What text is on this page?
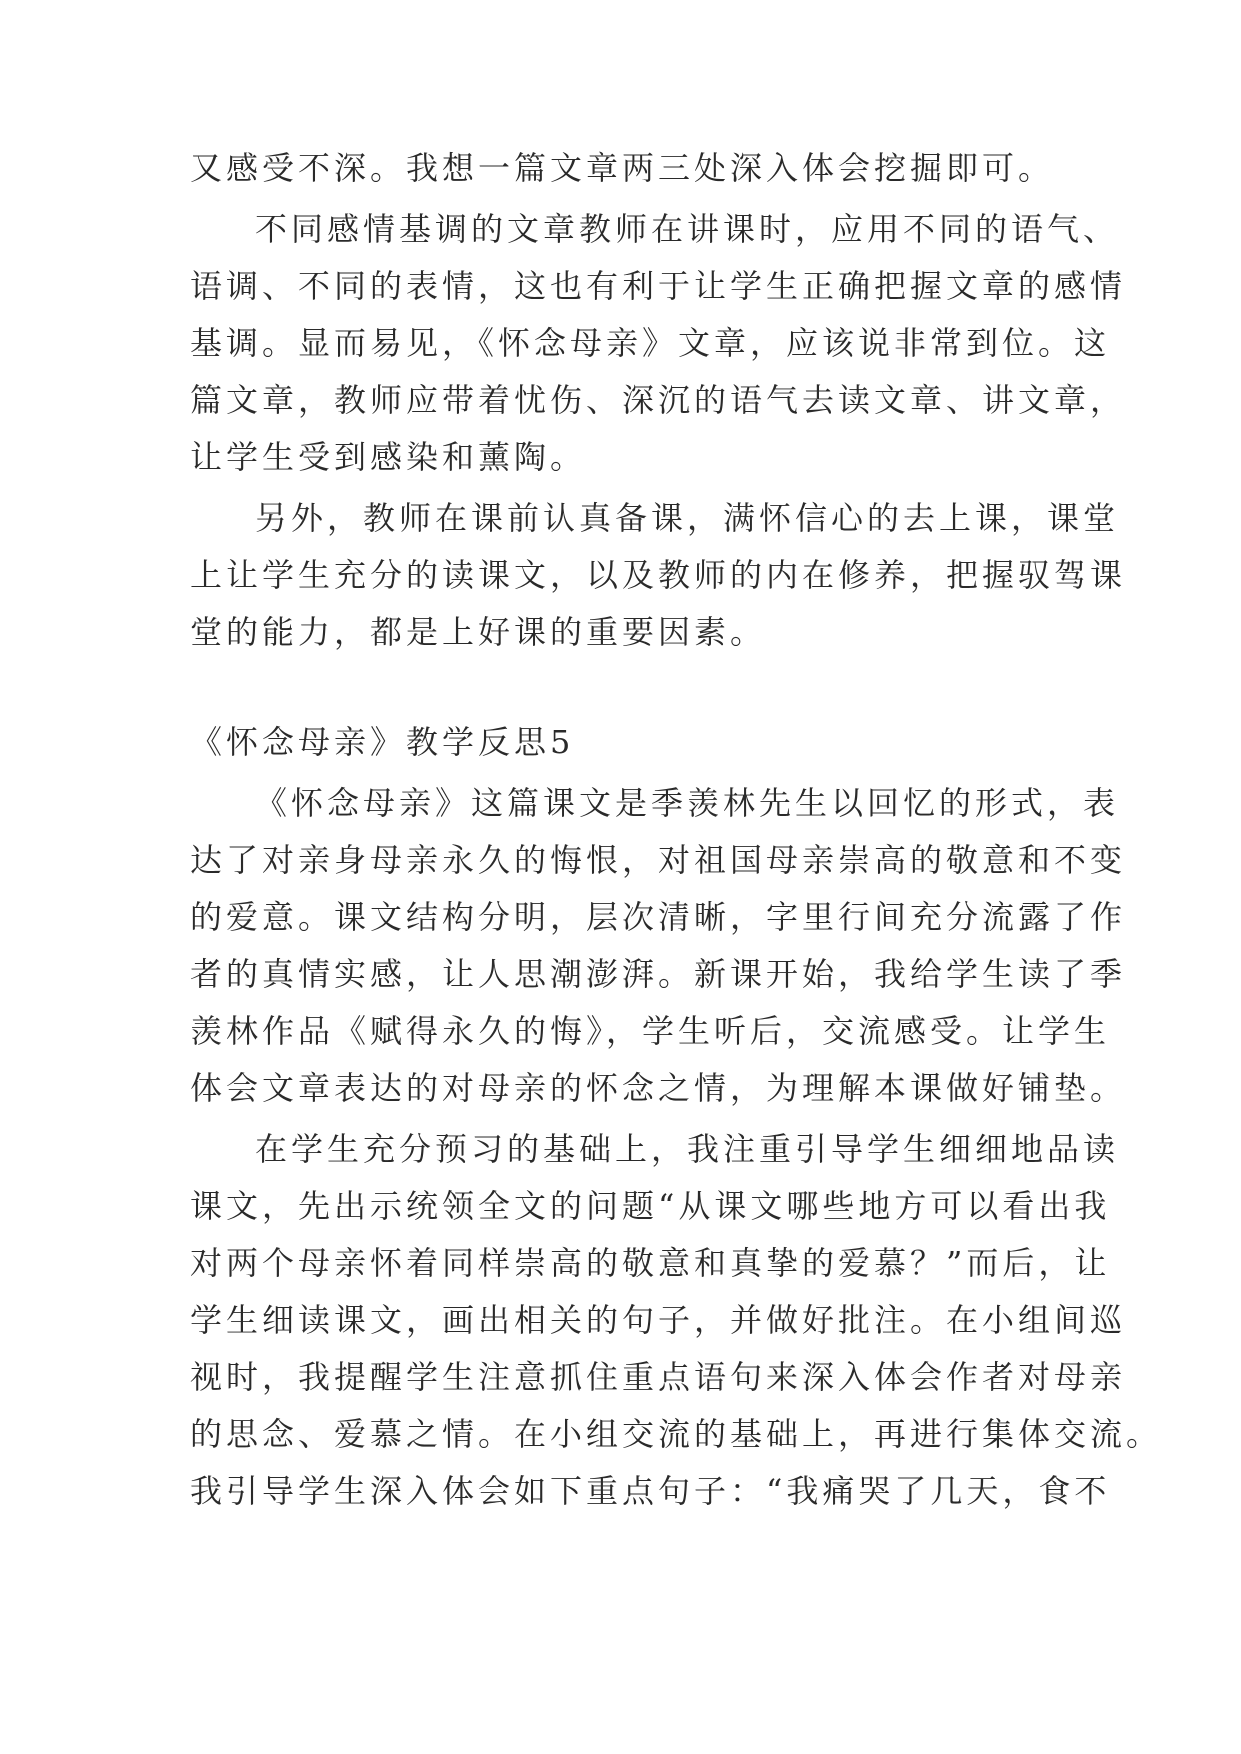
又感受不深。我想一篇文章两三处深入体会挖掘即可。
不同感情基调的文章教师在讲课时，应用不同的语气、
语调、不同的表情，这也有利于让学生正确把握文章的感情
基调。显而易见，《怀念母亲》文章，应该说非常到位。这
篇文章，教师应带着忧伤、深沉的语气去读文章、讲文章，
让学生受到感染和薰陶。
另外，教师在课前认真备课，满怀信心的去上课，课堂
上让学生充分的读课文，以及教师的内在修养，把握驭驾课
堂的能力，都是上好课的重要因素。
《怀念母亲》教学反思5
《怀念母亲》这篇课文是季羡林先生以回忆的形式，表
达了对亲身母亲永久的悔恨，对祖国母亲崇高的敬意和不变
的爱意。课文结构分明，层次清晰，字里行间充分流露了作
者的真情实感，让人思潮澎湃。新课开始，我给学生读了季
羡林作品《赋得永久的悔》，学生听后，交流感受。让学生
体会文章表达的对母亲的怀念之情，为理解本课做好铺垫。
在学生充分预习的基础上，我注重引导学生细细地品读
课文，先出示统领全文的问题“从课文哪些地方可以看出我
对两个母亲怀着同样崇高的敬意和真挚的爱慕？”而后，让
学生细读课文，画出相关的句子，并做好批注。在小组间巡
视时，我提醒学生注意抓住重点语句来深入体会作者对母亲
的思念、爱慕之情。在小组交流的基础上，再进行集体交流。
我引导学生深入体会如下重点句子：“我痛哭了几天，食不
